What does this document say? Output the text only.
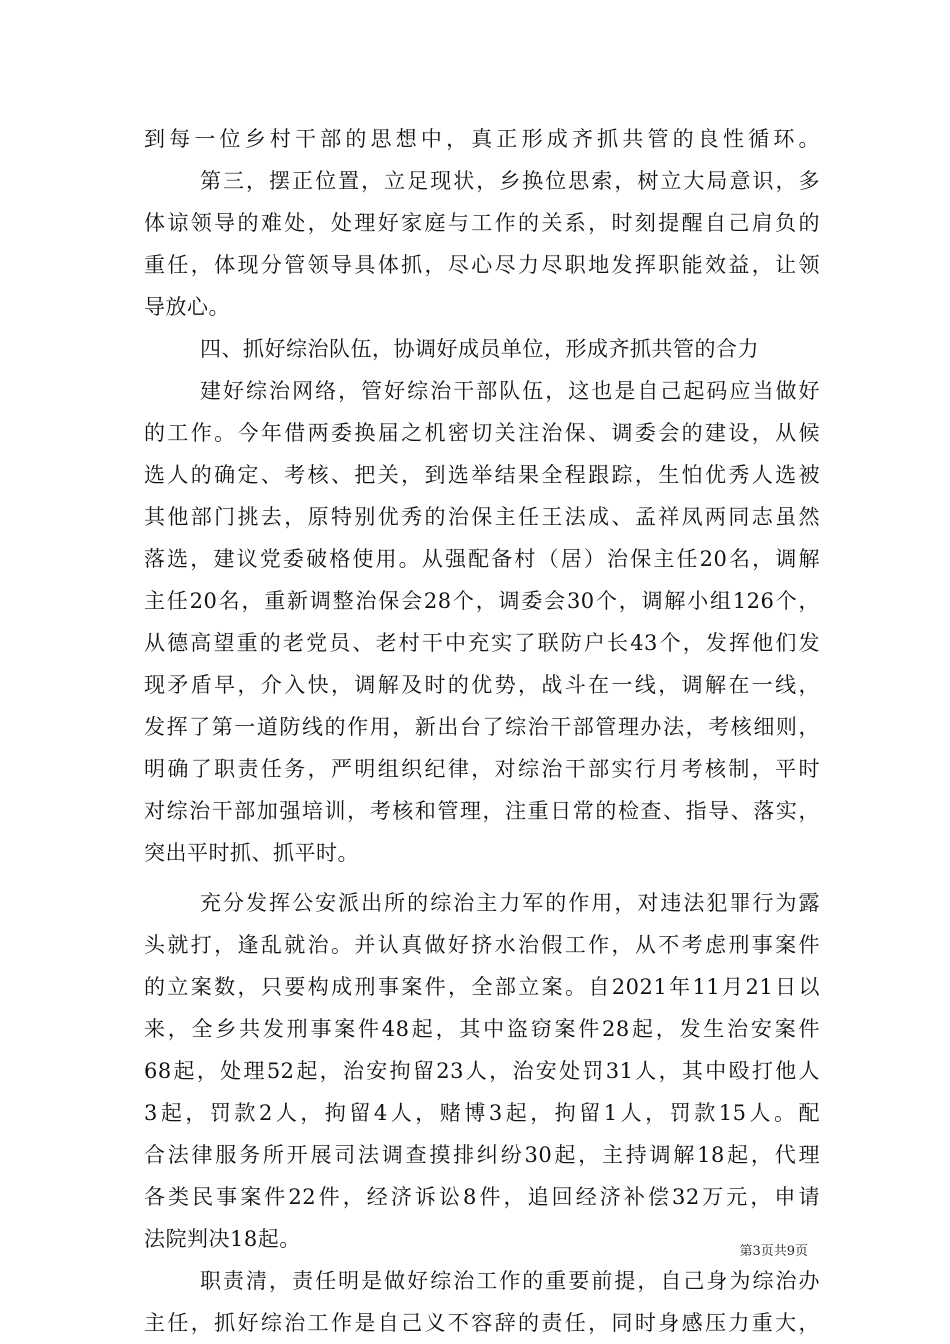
到每一位乡村干部的思想中，真正形成齐抓共管的良性循环。
第三，摆正位置，立足现状，乡换位思索，树立大局意识，多
体谅领导的难处，处理好家庭与工作的关系，时刻提醒自己肩负的
重任，体现分管领导具体抓，尽心尽力尽职地发挥职能效益，让领
导放心。
四、抓好综治队伍，协调好成员单位，形成齐抓共管的合力
建好综治网络，管好综治干部队伍，这也是自己起码应当做好
的工作。今年借两委换届之机密切关注治保、调委会的建设，从候
选人的确定、考核、把关，到选举结果全程跟踪，生怕优秀人选被
其他部门挑去，原特别优秀的治保主任王法成、孟祥凤两同志虽然
落选，建议党委破格使用。从强配备村（居）治保主任20名，调解
主任20名，重新调整治保会28个，调委会30个，调解小组126个，
从德高望重的老党员、老村干中充实了联防户长43个，发挥他们发
现矛盾早，介入快，调解及时的优势，战斗在一线，调解在一线，
发挥了第一道防线的作用，新出台了综治干部管理办法，考核细则，
明确了职责任务，严明组织纪律，对综治干部实行月考核制，平时
对综治干部加强培训，考核和管理，注重日常的检查、指导、落实，
突出平时抓、抓平时。
充分发挥公安派出所的综治主力军的作用，对违法犯罪行为露
头就打，逢乱就治。并认真做好挤水治假工作，从不考虑刑事案件
的立案数，只要构成刑事案件，全部立案。自2021年11月21日以
来，全乡共发刑事案件48起，其中盗窃案件28起，发生治安案件
68起，处理52起，治安拘留23人，治安处罚31人，其中殴打他人
3起，罚款2人，拘留4人，赌博3起，拘留1人，罚款15人。配
合法律服务所开展司法调查摸排纠纷30起，主持调解18起，代理
各类民事案件22件，经济诉讼8件，追回经济补偿32万元，申请
法院判决18起。
职责清，责任明是做好综治工作的重要前提，自己身为综治办
主任，抓好综治工作是自己义不容辞的责任，同时身感压力重大，
第3页共9页
